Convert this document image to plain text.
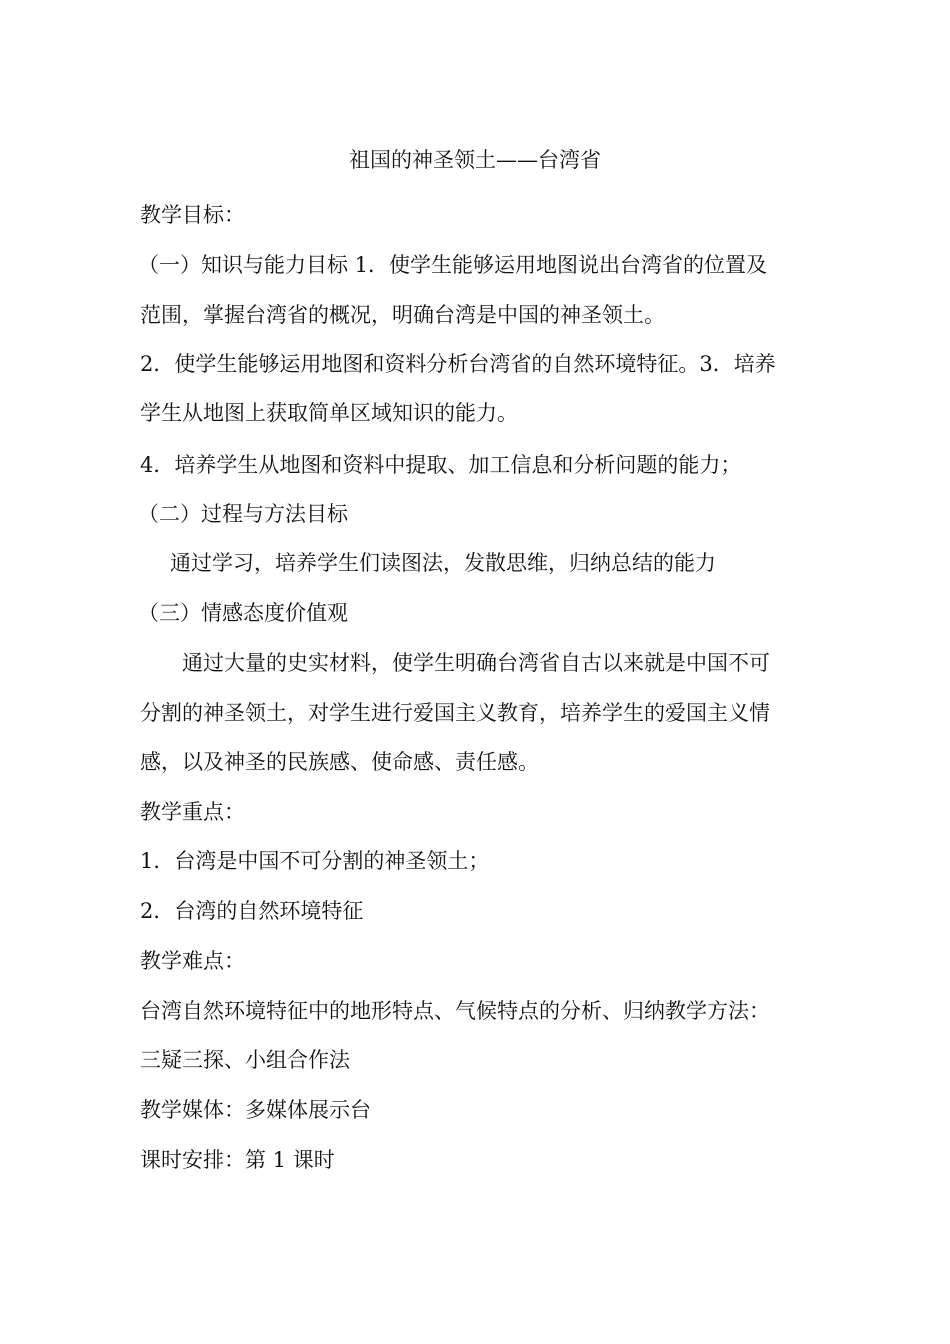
祖国的神圣领土——台湾省
教学目标：
（一）知识与能力目标 1．使学生能够运用地图说出台湾省的位置及
范围，掌握台湾省的概况，明确台湾是中国的神圣领土。
2．使学生能够运用地图和资料分析台湾省的自然环境特征。3．培养
学生从地图上获取简单区域知识的能力。
4．培养学生从地图和资料中提取、加工信息和分析问题的能力；
（二）过程与方法目标
通过学习，培养学生们读图法，发散思维，归纳总结的能力
（三）情感态度价值观
通过大量的史实材料，使学生明确台湾省自古以来就是中国不可
分割的神圣领土，对学生进行爱国主义教育，培养学生的爱国主义情
感，以及神圣的民族感、使命感、责任感。
教学重点：
1．台湾是中国不可分割的神圣领土；
2．台湾的自然环境特征
教学难点：
台湾自然环境特征中的地形特点、气候特点的分析、归纳教学方法：
三疑三探、小组合作法
教学媒体：多媒体展示台
课时安排：第 1 课时
